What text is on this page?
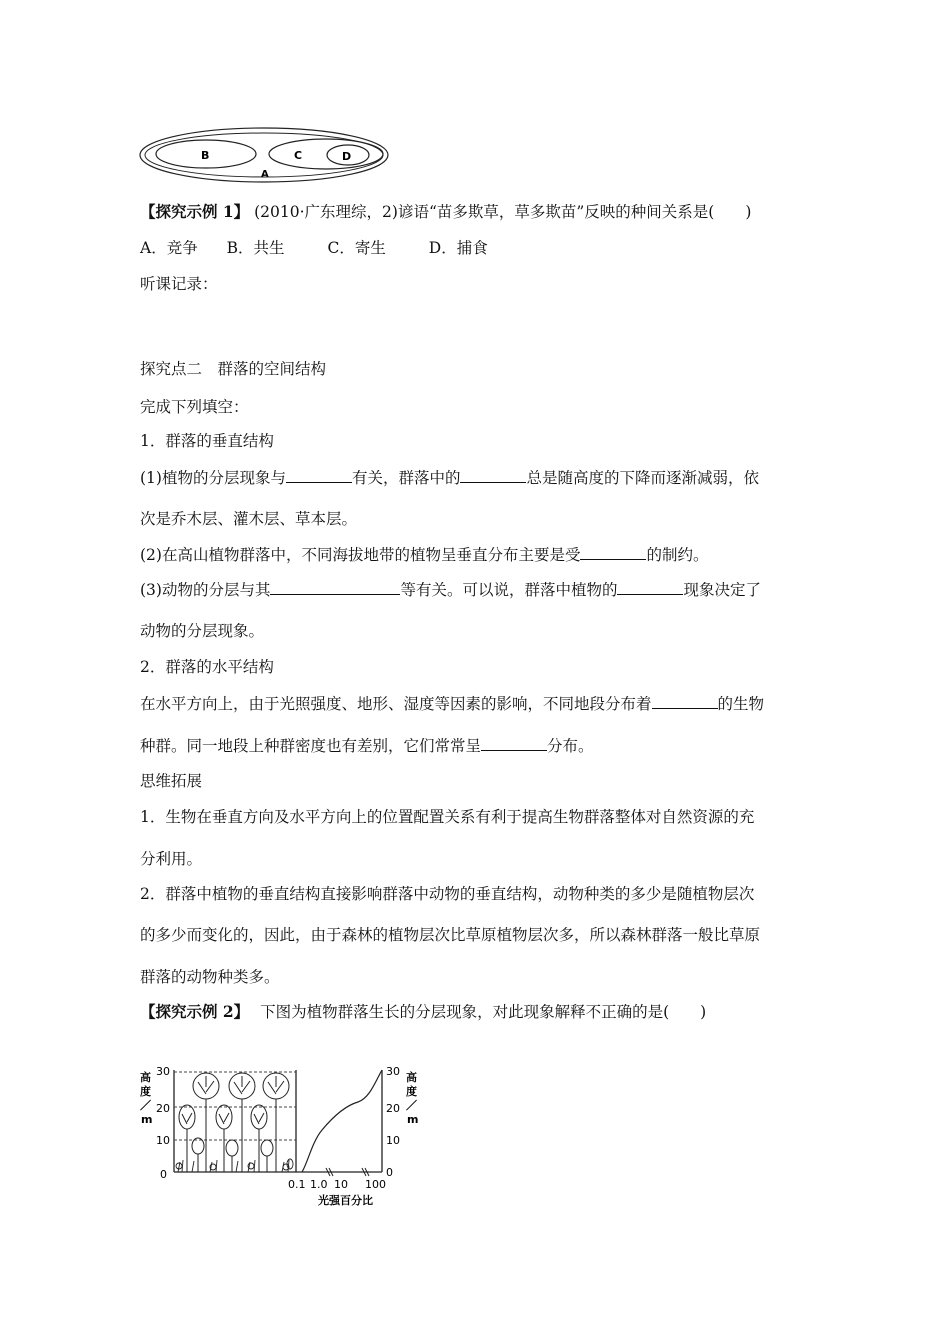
B	C	D
A
【探究示例 1】 (2010·广东理综，2)谚语“苗多欺草，草多欺苗”反映的种间关系是(　　)
A．竞争 B．共生	C．寄生	D．捕食
听课记录：
探究点二　群落的空间结构
完成下列填空：
1．群落的垂直结构
(1)植物的分层现象与	有关，群落中的	总是随高度的下降而逐渐减弱，依
次是乔木层、灌木层、草本层。
(2)在高山植物群落中，不同海拔地带的植物呈垂直分布主要是受	的制约。
(3)动物的分层与其	等有关。可以说，群落中植物的	现象决定了
动物的分层现象。
2．群落的水平结构
在水平方向上，由于光照强度、地形、湿度等因素的影响，不同地段分布着	的生物
种群。同一地段上种群密度也有差别，它们常常呈	分布。
思维拓展
1．生物在垂直方向及水平方向上的位置配置关系有利于提高生物群落整体对自然资源的充
分利用。
2．群落中植物的垂直结构直接影响群落中动物的垂直结构，动物种类的多少是随植物层次
的多少而变化的，因此，由于森林的植物层次比草原植物层次多，所以森林群落一般比草原
群落的动物种类多。
【探究示例 2】 下图为植物群落生长的分层现象，对此现象解释不正确的是(　　)
高
度
／
m
30
20
10
0
30
20
10
0
高
度
／
m
0.1 1.0 10 100
光强百分比
